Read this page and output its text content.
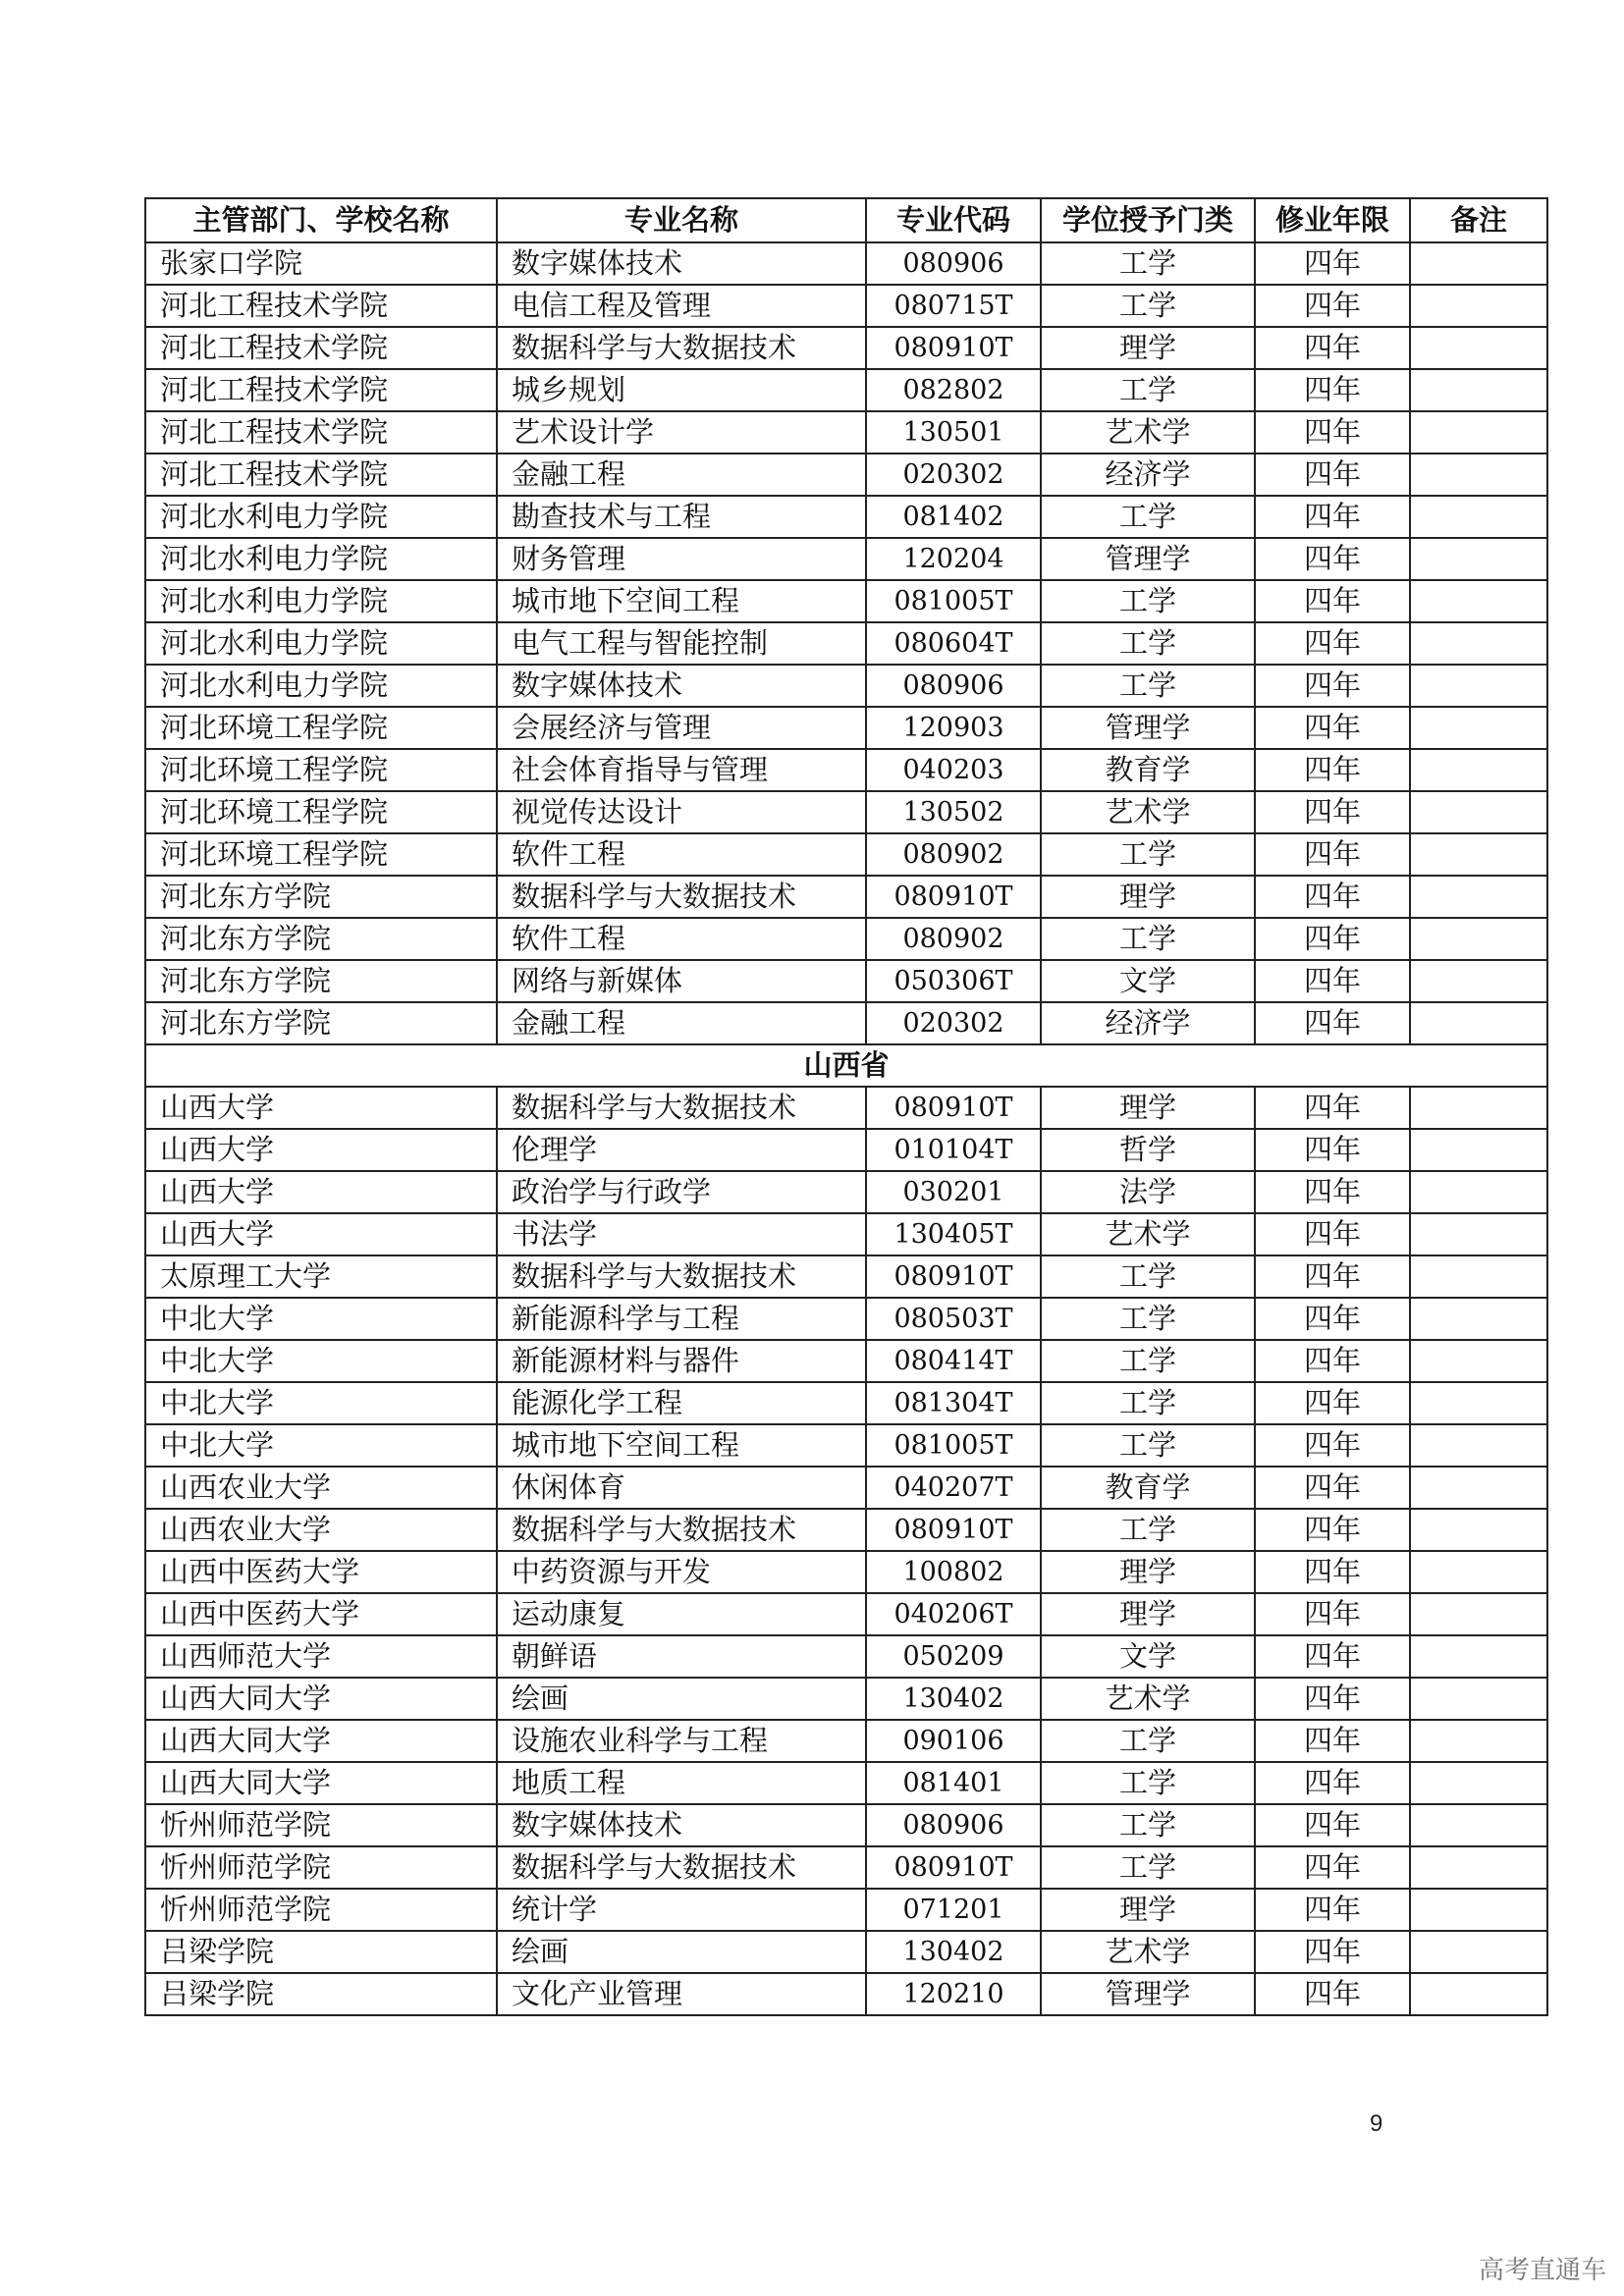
主管部门、学校名称	专业名称	专业代码	学位授予门类	修业年限	备注
张家口学院	数字媒体技术	080906	工学	四年	
河北工程技术学院	电信工程及管理	080715T	工学	四年	
河北工程技术学院	数据科学与大数据技术	080910T	理学	四年	
河北工程技术学院	城乡规划	082802	工学	四年	
河北工程技术学院	艺术设计学	130501	艺术学	四年	
河北工程技术学院	金融工程	020302	经济学	四年	
河北水利电力学院	勘查技术与工程	081402	工学	四年	
河北水利电力学院	财务管理	120204	管理学	四年	
河北水利电力学院	城市地下空间工程	081005T	工学	四年	
河北水利电力学院	电气工程与智能控制	080604T	工学	四年	
河北水利电力学院	数字媒体技术	080906	工学	四年	
河北环境工程学院	会展经济与管理	120903	管理学	四年	
河北环境工程学院	社会体育指导与管理	040203	教育学	四年	
河北环境工程学院	视觉传达设计	130502	艺术学	四年	
河北环境工程学院	软件工程	080902	工学	四年	
河北东方学院	数据科学与大数据技术	080910T	理学	四年	
河北东方学院	软件工程	080902	工学	四年	
河北东方学院	网络与新媒体	050306T	文学	四年	
河北东方学院	金融工程	020302	经济学	四年	
山西省					
山西大学	数据科学与大数据技术	080910T	理学	四年	
山西大学	伦理学	010104T	哲学	四年	
山西大学	政治学与行政学	030201	法学	四年	
山西大学	书法学	130405T	艺术学	四年	
太原理工大学	数据科学与大数据技术	080910T	工学	四年	
中北大学	新能源科学与工程	080503T	工学	四年	
中北大学	新能源材料与器件	080414T	工学	四年	
中北大学	能源化学工程	081304T	工学	四年	
中北大学	城市地下空间工程	081005T	工学	四年	
山西农业大学	休闲体育	040207T	教育学	四年	
山西农业大学	数据科学与大数据技术	080910T	工学	四年	
山西中医药大学	中药资源与开发	100802	理学	四年	
山西中医药大学	运动康复	040206T	理学	四年	
山西师范大学	朝鲜语	050209	文学	四年	
山西大同大学	绘画	130402	艺术学	四年	
山西大同大学	设施农业科学与工程	090106	工学	四年	
山西大同大学	地质工程	081401	工学	四年	
忻州师范学院	数字媒体技术	080906	工学	四年	
忻州师范学院	数据科学与大数据技术	080910T	工学	四年	
忻州师范学院	统计学	071201	理学	四年	
吕梁学院	绘画	130402	艺术学	四年	
吕梁学院	文化产业管理	120210	管理学	四年	
9
高考直通车
